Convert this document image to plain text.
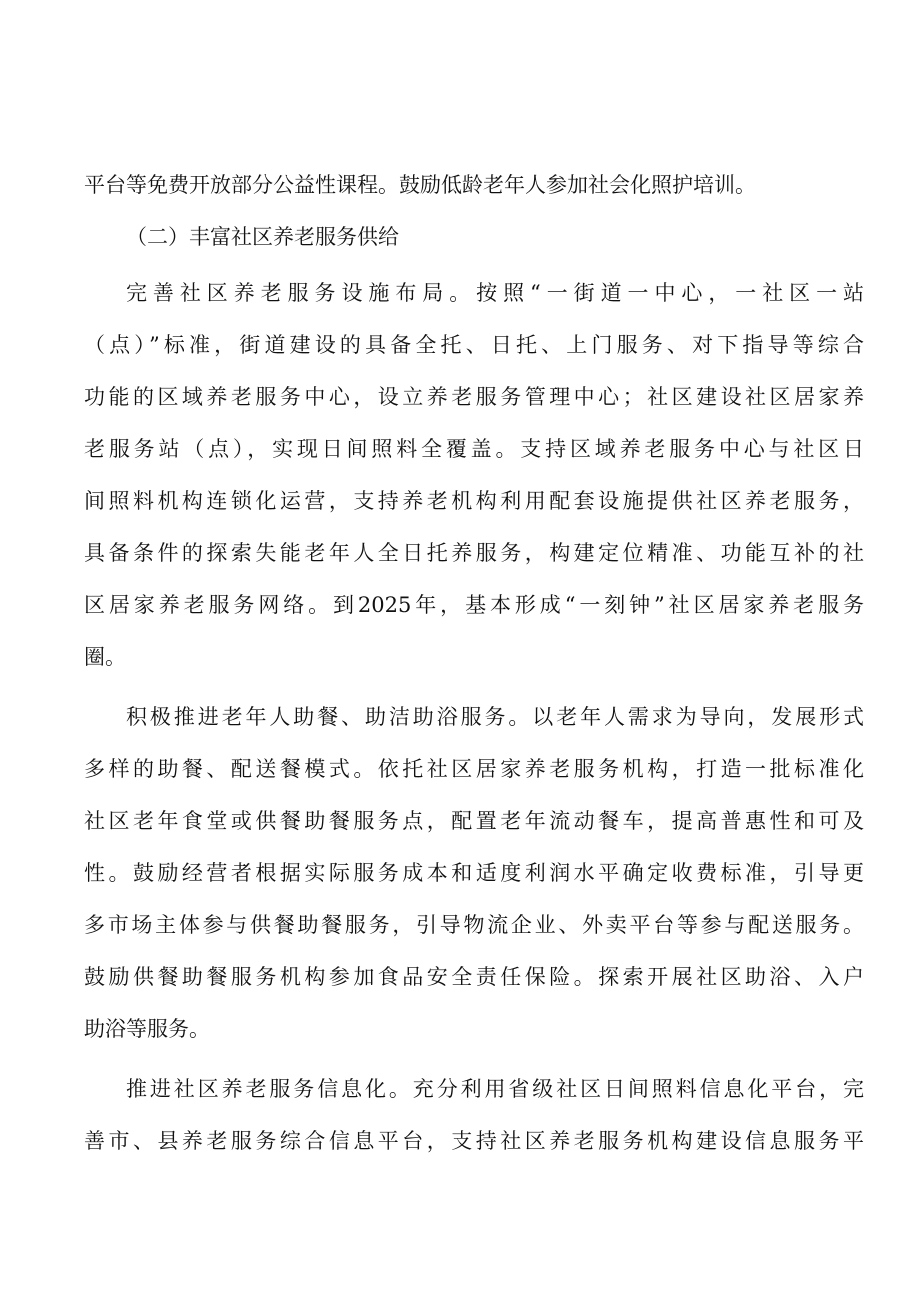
平台等免费开放部分公益性课程。鼓励低龄老年人参加社会化照护培训。
（二）丰富社区养老服务供给
完善社区养老服务设施布局。按照“一街道一中心，一社区一站
（点）”标准，街道建设的具备全托、日托、上门服务、对下指导等综合
功能的区域养老服务中心，设立养老服务管理中心；社区建设社区居家养
老服务站（点），实现日间照料全覆盖。支持区域养老服务中心与社区日
间照料机构连锁化运营，支持养老机构利用配套设施提供社区养老服务，
具备条件的探索失能老年人全日托养服务，构建定位精准、功能互补的社
区居家养老服务网络。到2025年，基本形成“一刻钟”社区居家养老服务
圈。
积极推进老年人助餐、助洁助浴服务。以老年人需求为导向，发展形式
多样的助餐、配送餐模式。依托社区居家养老服务机构，打造一批标准化
社区老年食堂或供餐助餐服务点，配置老年流动餐车，提高普惠性和可及
性。鼓励经营者根据实际服务成本和适度利润水平确定收费标准，引导更
多市场主体参与供餐助餐服务，引导物流企业、外卖平台等参与配送服务。
鼓励供餐助餐服务机构参加食品安全责任保险。探索开展社区助浴、入户
助浴等服务。
推进社区养老服务信息化。充分利用省级社区日间照料信息化平台，完
善市、县养老服务综合信息平台，支持社区养老服务机构建设信息服务平
